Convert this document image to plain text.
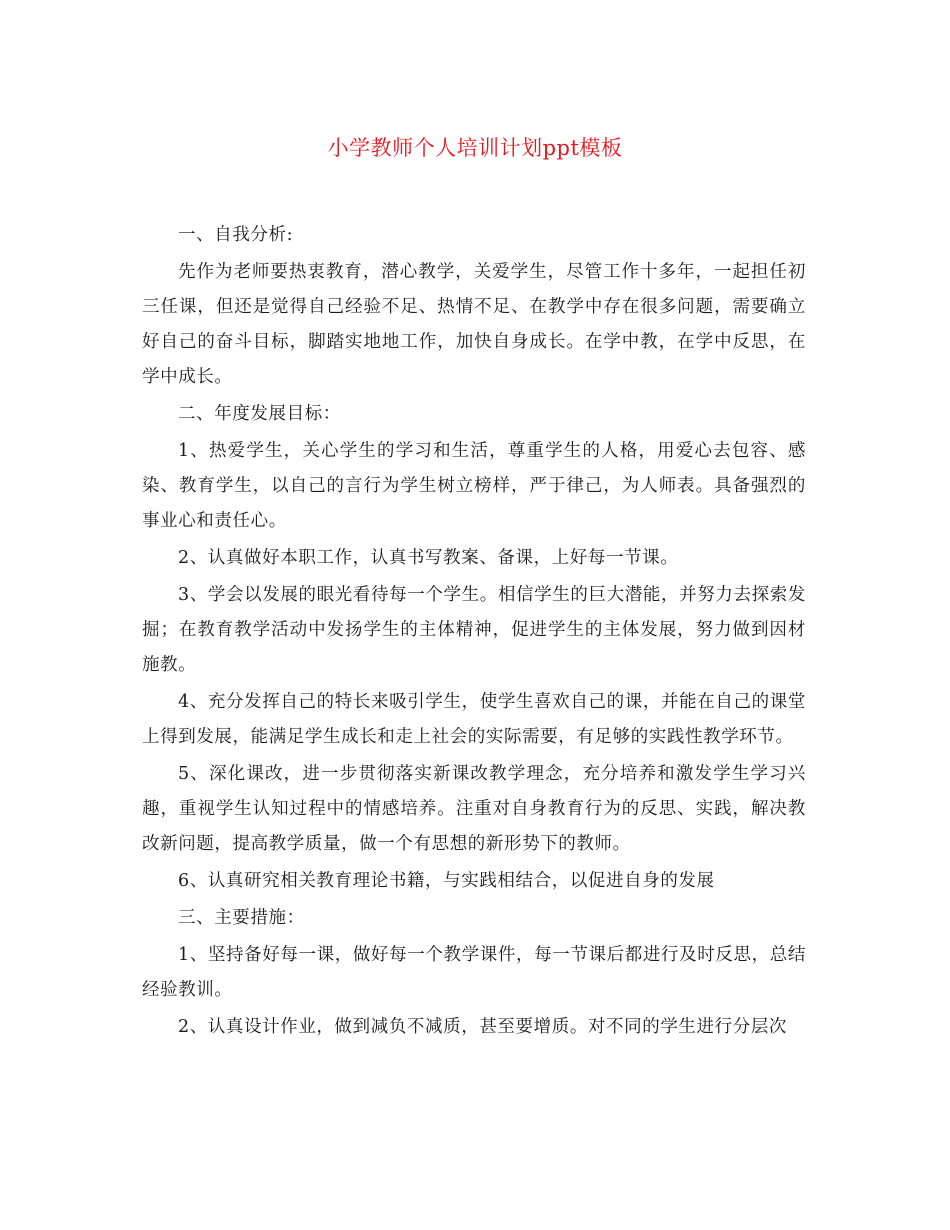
小学教师个人培训计划ppt模板

一、自我分析:

先作为老师要热衷教育，潜心教学，关爱学生，尽管工作十多年，一起担任初三任课，但还是觉得自己经验不足、热情不足、在教学中存在很多问题，需要确立好自己的奋斗目标，脚踏实地地工作，加快自身成长。在学中教，在学中反思，在学中成长。

二、年度发展目标：

1、热爱学生，关心学生的学习和生活，尊重学生的人格，用爱心去包容、感染、教育学生，以自己的言行为学生树立榜样，严于律己，为人师表。具备强烈的事业心和责任心。

2、认真做好本职工作，认真书写教案、备课，上好每一节课。

3、学会以发展的眼光看待每一个学生。相信学生的巨大潜能，并努力去探索发掘；在教育教学活动中发扬学生的主体精神，促进学生的主体发展，努力做到因材施教。

4、充分发挥自己的特长来吸引学生，使学生喜欢自己的课，并能在自己的课堂上得到发展，能满足学生成长和走上社会的实际需要，有足够的实践性教学环节。

5、深化课改，进一步贯彻落实新课改教学理念，充分培养和激发学生学习兴趣，重视学生认知过程中的情感培养。注重对自身教育行为的反思、实践，解决教改新问题，提高教学质量，做一个有思想的新形势下的教师。

6、认真研究相关教育理论书籍，与实践相结合，以促进自身的发展

三、主要措施：

1、坚持备好每一课，做好每一个教学课件，每一节课后都进行及时反思，总结经验教训。

2、认真设计作业，做到减负不减质，甚至要增质。对不同的学生进行分层次
